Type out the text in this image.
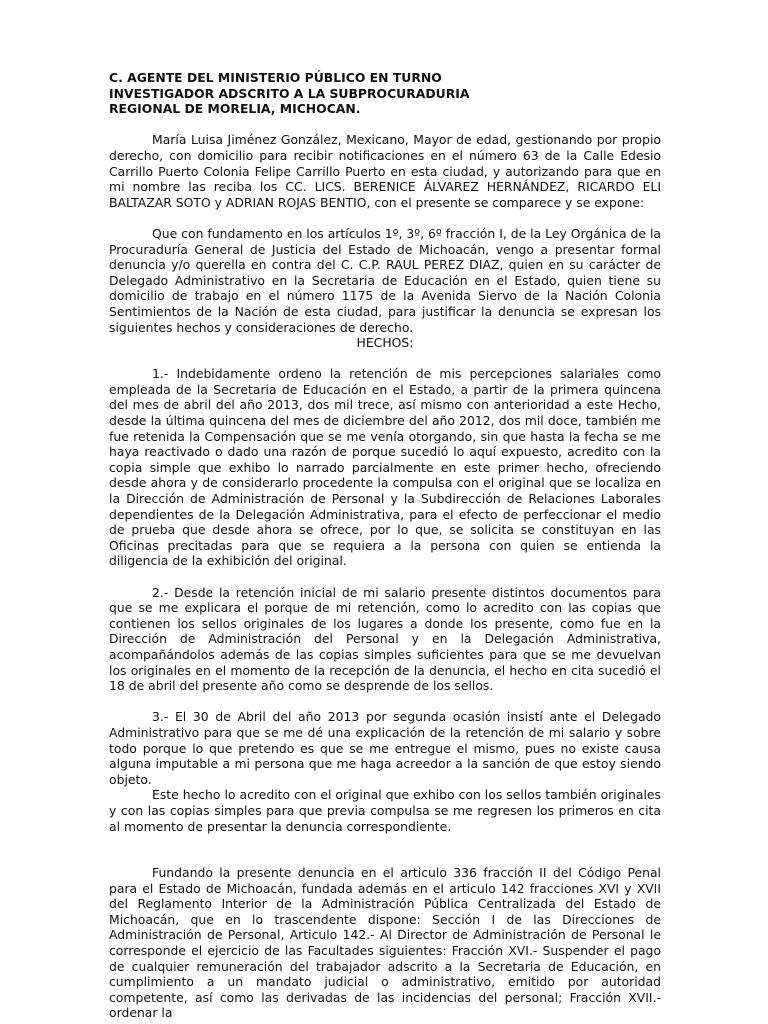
C. AGENTE DEL MINISTERIO PÚBLICO EN TURNO
INVESTIGADOR ADSCRITO A LA SUBPROCURADURIA
REGIONAL DE MORELIA, MICHOCAN.

María Luisa Jiménez González, Mexicano, Mayor de edad, gestionando por propio derecho, con domicilio para recibir notificaciones en el número 63 de la Calle Edesio Carrillo Puerto Colonia Felipe Carrillo Puerto en esta ciudad, y autorizando para que en mi nombre las reciba los CC. LICS. BERENICE ÁLVAREZ HERNÁNDEZ, RICARDO ELI BALTAZAR SOTO y ADRIAN ROJAS BENTIO, con el presente se comparece y se expone:

Que con fundamento en los artículos 1º, 3º, 6º fracción I, de la Ley Orgánica de la Procuraduría General de Justicia del Estado de Michoacán, vengo a presentar formal denuncia y/o querella en contra del C. C.P. RAUL PEREZ DIAZ, quien en su carácter de Delegado Administrativo en la Secretaria de Educación en el Estado, quien tiene su domicilio de trabajo en el número 1175 de la Avenida Siervo de la Nación Colonia Sentimientos de la Nación de esta ciudad, para justificar la denuncia se expresan los siguientes hechos y consideraciones de derecho.

HECHOS:

1.- Indebidamente ordeno la retención de mis percepciones salariales como empleada de la Secretaria de Educación en el Estado, a partir de la primera quincena del mes de abril del año 2013, dos mil trece, así mismo con anterioridad a este Hecho, desde la última quincena del mes de diciembre del año 2012, dos mil doce, también me fue retenida la Compensación que se me venía otorgando, sin que hasta la fecha se me haya reactivado o dado una razón de porque sucedió lo aquí expuesto, acredito con la copia simple que exhibo lo narrado parcialmente en este primer hecho, ofreciendo desde ahora y de considerarlo procedente la compulsa con el original que se localiza en la Dirección de Administración de Personal y la Subdirección de Relaciones Laborales dependientes de la Delegación Administrativa, para el efecto de perfeccionar el medio de prueba que desde ahora se ofrece, por lo que, se solicita se constituyan en las Oficinas precitadas para que se requiera a la persona con quien se entienda la diligencia de la exhibición del original.

2.- Desde la retención inicial de mi salario presente distintos documentos para que se me explicara el porque de mi retención, como lo acredito con las copias que contienen los sellos originales de los lugares a donde los presente, como fue en la Dirección de Administración del Personal y en la Delegación Administrativa, acompañándolos además de las copias simples suficientes para que se me devuelvan los originales en el momento de la recepción de la denuncia, el hecho en cita sucedió el 18 de abril del presente año como se desprende de los sellos.

3.- El 30 de Abril del año 2013 por segunda ocasión insistí ante el Delegado Administrativo para que se me dé una explicación de la retención de mi salario y sobre todo porque lo que pretendo es que se me entregue el mismo, pues no existe causa alguna imputable a mi persona que me haga acreedor a la sanción de que estoy siendo objeto.

Este hecho lo acredito con el original que exhibo con los sellos también originales y con las copias simples para que previa compulsa se me regresen los primeros en cita al momento de presentar la denuncia correspondiente.

Fundando la presente denuncia en el articulo 336 fracción II del Código Penal para el Estado de Michoacán, fundada además en el articulo 142 fracciones XVI y XVII del Reglamento Interior de la Administración Pública Centralizada del Estado de Michoacán, que en lo trascendente dispone: Sección I de las Direcciones de Administración de Personal, Articulo 142.- Al Director de Administración de Personal le corresponde el ejercicio de las Facultades siguientes: Fracción XVI.- Suspender el pago de cualquier remuneración del trabajador adscrito a la Secretaria de Educación, en cumplimiento a un mandato judicial o administrativo, emitido por autoridad competente, así como las derivadas de las incidencias del personal; Fracción XVII.- ordenar la
